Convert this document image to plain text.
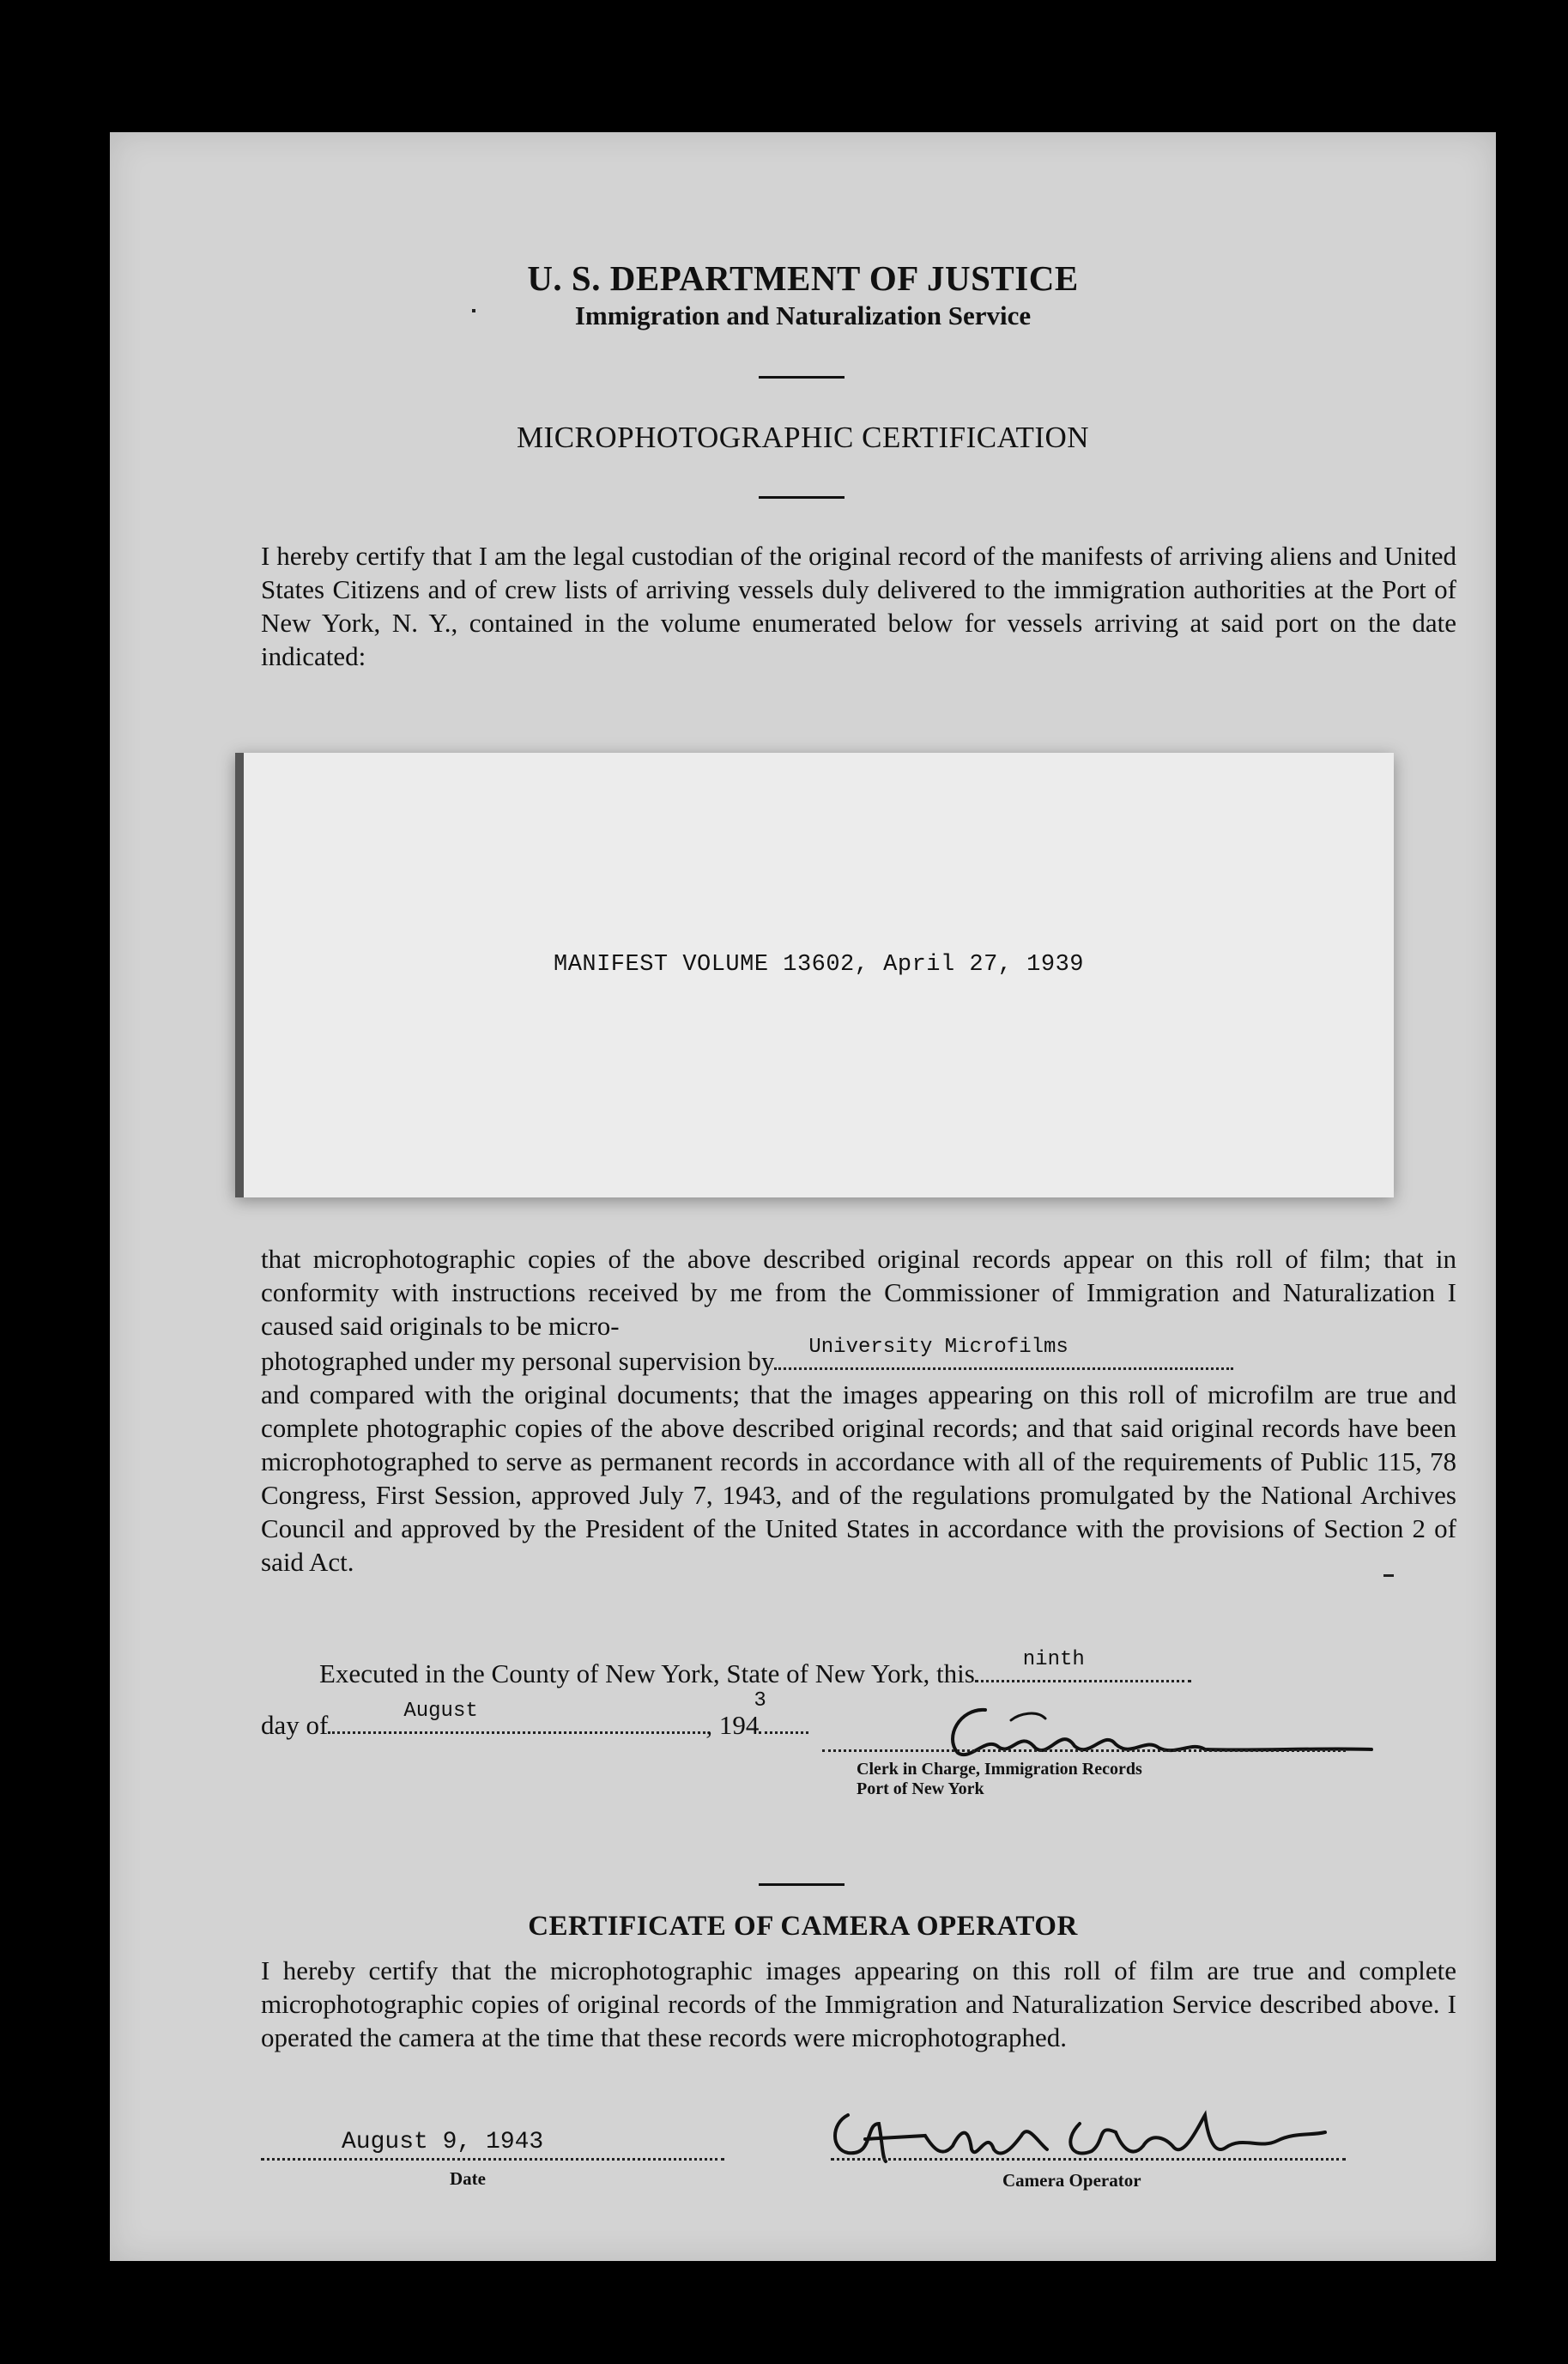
U. S. DEPARTMENT OF JUSTICE
Immigration and Naturalization Service
MICROPHOTOGRAPHIC CERTIFICATION
I hereby certify that I am the legal custodian of the original record of the manifests of arriving aliens and United States Citizens and of crew lists of arriving vessels duly delivered to the immigration authorities at the Port of New York, N. Y., contained in the volume enumerated below for vessels arriving at said port on the date indicated:
MANIFEST VOLUME 13602, April 27, 1939
that microphotographic copies of the above described original records appear on this roll of film; that in conformity with instructions received by me from the Commissioner of Immigration and Naturalization I caused said originals to be micro-
photographed under my personal supervision by University Microfilms
and compared with the original documents; that the images appearing on this roll of microfilm are true and complete photographic copies of the above described original records; and that said original records have been microphotographed to serve as permanent records in accordance with all of the requirements of Public 115, 78 Congress, First Session, approved July 7, 1943, and of the regulations promulgated by the National Archives Council and approved by the President of the United States in accordance with the provisions of Section 2 of said Act.
Executed in the County of New York, State of New York, this ninth
day of	August	, 194
3
Clerk in Charge, Immigration Records
Port of New York
CERTIFICATE OF CAMERA OPERATOR
I hereby certify that the microphotographic images appearing on this roll of film are true and complete microphotographic copies of original records of the Immigration and Naturalization Service described above. I operated the camera at the time that these records were microphotographed.
August 9, 1943
Date	Camera Operator
